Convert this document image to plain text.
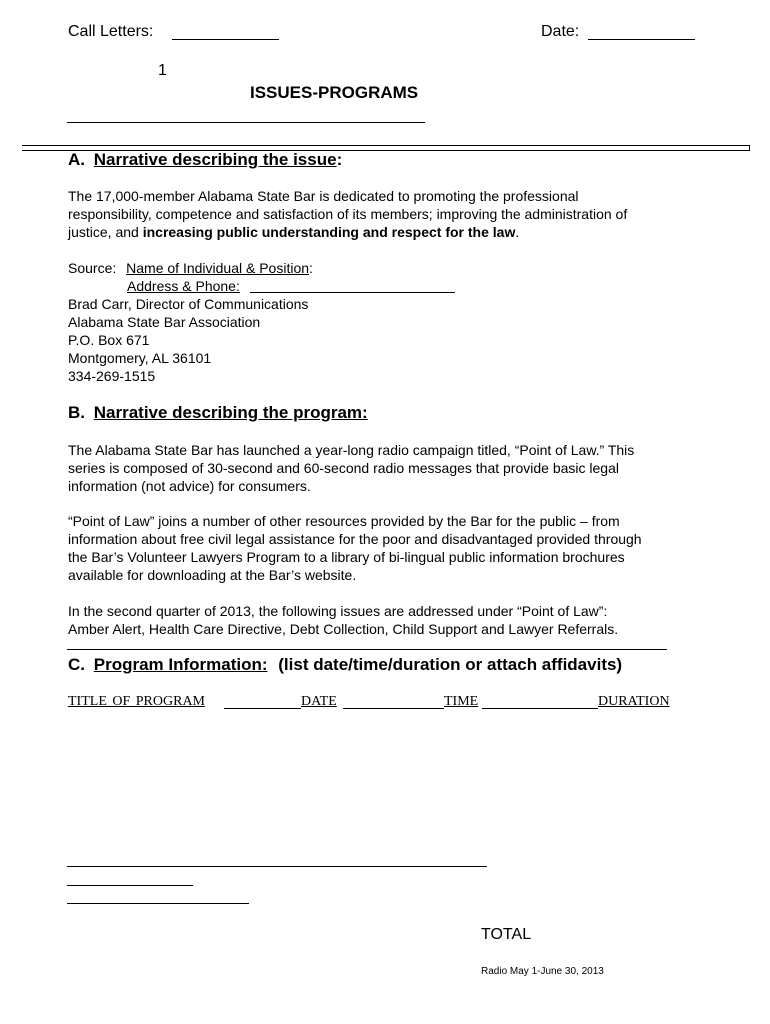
Call Letters:	Date:
1
ISSUES-PROGRAMS
A. Narrative describing the issue:
The 17,000-member Alabama State Bar is dedicated to promoting the professional
responsibility, competence and satisfaction of its members; improving the administration of
justice, and increasing public understanding and respect for the law.
Source: Name of Individual & Position:
Address & Phone:
Brad Carr, Director of Communications
Alabama State Bar Association
P.O. Box 671
Montgomery, AL 36101
334-269-1515
B. Narrative describing the program:
The Alabama State Bar has launched a year-long radio campaign titled, “Point of Law.” This
series is composed of 30-second and 60-second radio messages that provide basic legal
information (not advice) for consumers.
“Point of Law” joins a number of other resources provided by the Bar for the public – from
information about free civil legal assistance for the poor and disadvantaged provided through
the Bar’s Volunteer Lawyers Program to a library of bi-lingual public information brochures
available for downloading at the Bar’s website.
In the second quarter of 2013, the following issues are addressed under “Point of Law”:
Amber Alert, Health Care Directive, Debt Collection, Child Support and Lawyer Referrals.
C. Program Information: (list date/time/duration or attach affidavits)
TITLE OF PROGRAM	DATE	TIME	DURATION
TOTAL
Radio May 1-June 30, 2013
